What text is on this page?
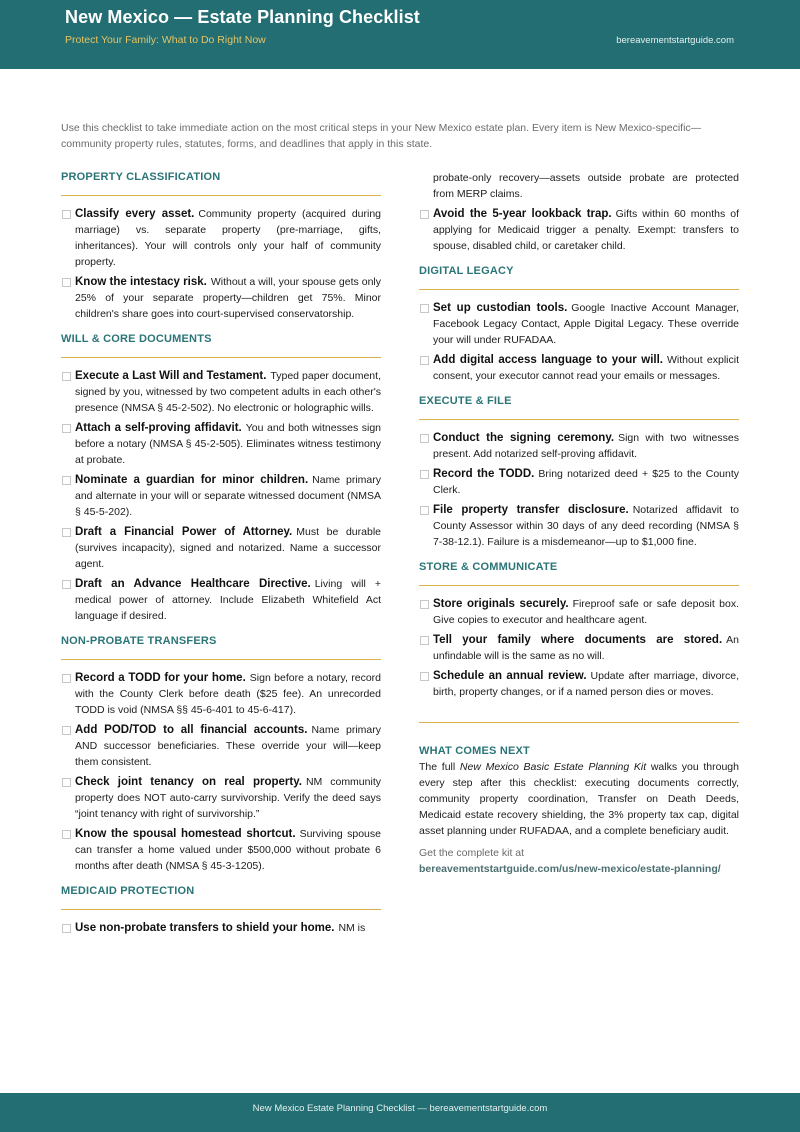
New Mexico — Estate Planning Checklist
Protect Your Family: What to Do Right Now	bereavementstartguide.com

Use this checklist to take immediate action on the most critical steps in your New Mexico estate plan. Every item is New Mexico-specific—community property rules, statutes, forms, and deadlines that apply in this state.

PROPERTY CLASSIFICATION
Classify every asset. Community property (acquired during marriage) vs. separate property (pre-marriage, gifts, inheritances). Your will controls only your half of community property.
Know the intestacy risk. Without a will, your spouse gets only 25% of your separate property—children get 75%. Minor children's share goes into court-supervised conservatorship.
WILL & CORE DOCUMENTS
Execute a Last Will and Testament. Typed paper document, signed by you, witnessed by two competent adults in each other's presence (NMSA § 45-2-502). No electronic or holographic wills.
Attach a self-proving affidavit. You and both witnesses sign before a notary (NMSA § 45-2-505). Eliminates witness testimony at probate.
Nominate a guardian for minor children. Name primary and alternate in your will or separate witnessed document (NMSA § 45-5-202).
Draft a Financial Power of Attorney. Must be durable (survives incapacity), signed and notarized. Name a successor agent.
Draft an Advance Healthcare Directive. Living will + medical power of attorney. Include Elizabeth Whitefield Act language if desired.
NON-PROBATE TRANSFERS
Record a TODD for your home. Sign before a notary, record with the County Clerk before death ($25 fee). An unrecorded TODD is void (NMSA §§ 45-6-401 to 45-6-417).
Add POD/TOD to all financial accounts. Name primary AND successor beneficiaries. These override your will—keep them consistent.
Check joint tenancy on real property. NM community property does NOT auto-carry survivorship. Verify the deed says “joint tenancy with right of survivorship.”
Know the spousal homestead shortcut. Surviving spouse can transfer a home valued under $500,000 without probate 6 months after death (NMSA § 45-3-1205).
MEDICAID PROTECTION
Use non-probate transfers to shield your home. NM is
probate-only recovery—assets outside probate are protected from MERP claims.
Avoid the 5-year lookback trap. Gifts within 60 months of applying for Medicaid trigger a penalty. Exempt: transfers to spouse, disabled child, or caretaker child.
DIGITAL LEGACY
Set up custodian tools. Google Inactive Account Manager, Facebook Legacy Contact, Apple Digital Legacy. These override your will under RUFADAA.
Add digital access language to your will. Without explicit consent, your executor cannot read your emails or messages.
EXECUTE & FILE
Conduct the signing ceremony. Sign with two witnesses present. Add notarized self-proving affidavit.
Record the TODD. Bring notarized deed + $25 to the County Clerk.
File property transfer disclosure. Notarized affidavit to County Assessor within 30 days of any deed recording (NMSA § 7-38-12.1). Failure is a misdemeanor—up to $1,000 fine.
STORE & COMMUNICATE
Store originals securely. Fireproof safe or safe deposit box. Give copies to executor and healthcare agent.
Tell your family where documents are stored. An unfindable will is the same as no will.
Schedule an annual review. Update after marriage, divorce, birth, property changes, or if a named person dies or moves.
WHAT COMES NEXT

The full New Mexico Basic Estate Planning Kit walks you through every step after this checklist: executing documents correctly, community property coordination, Transfer on Death Deeds, Medicaid estate recovery shielding, the 3% property tax cap, digital asset planning under RUFADAA, and a complete beneficiary audit.

Get the complete kit at
bereavementstartguide.com/us/new-mexico/estate-planning/
New Mexico Estate Planning Checklist — bereavementstartguide.com
